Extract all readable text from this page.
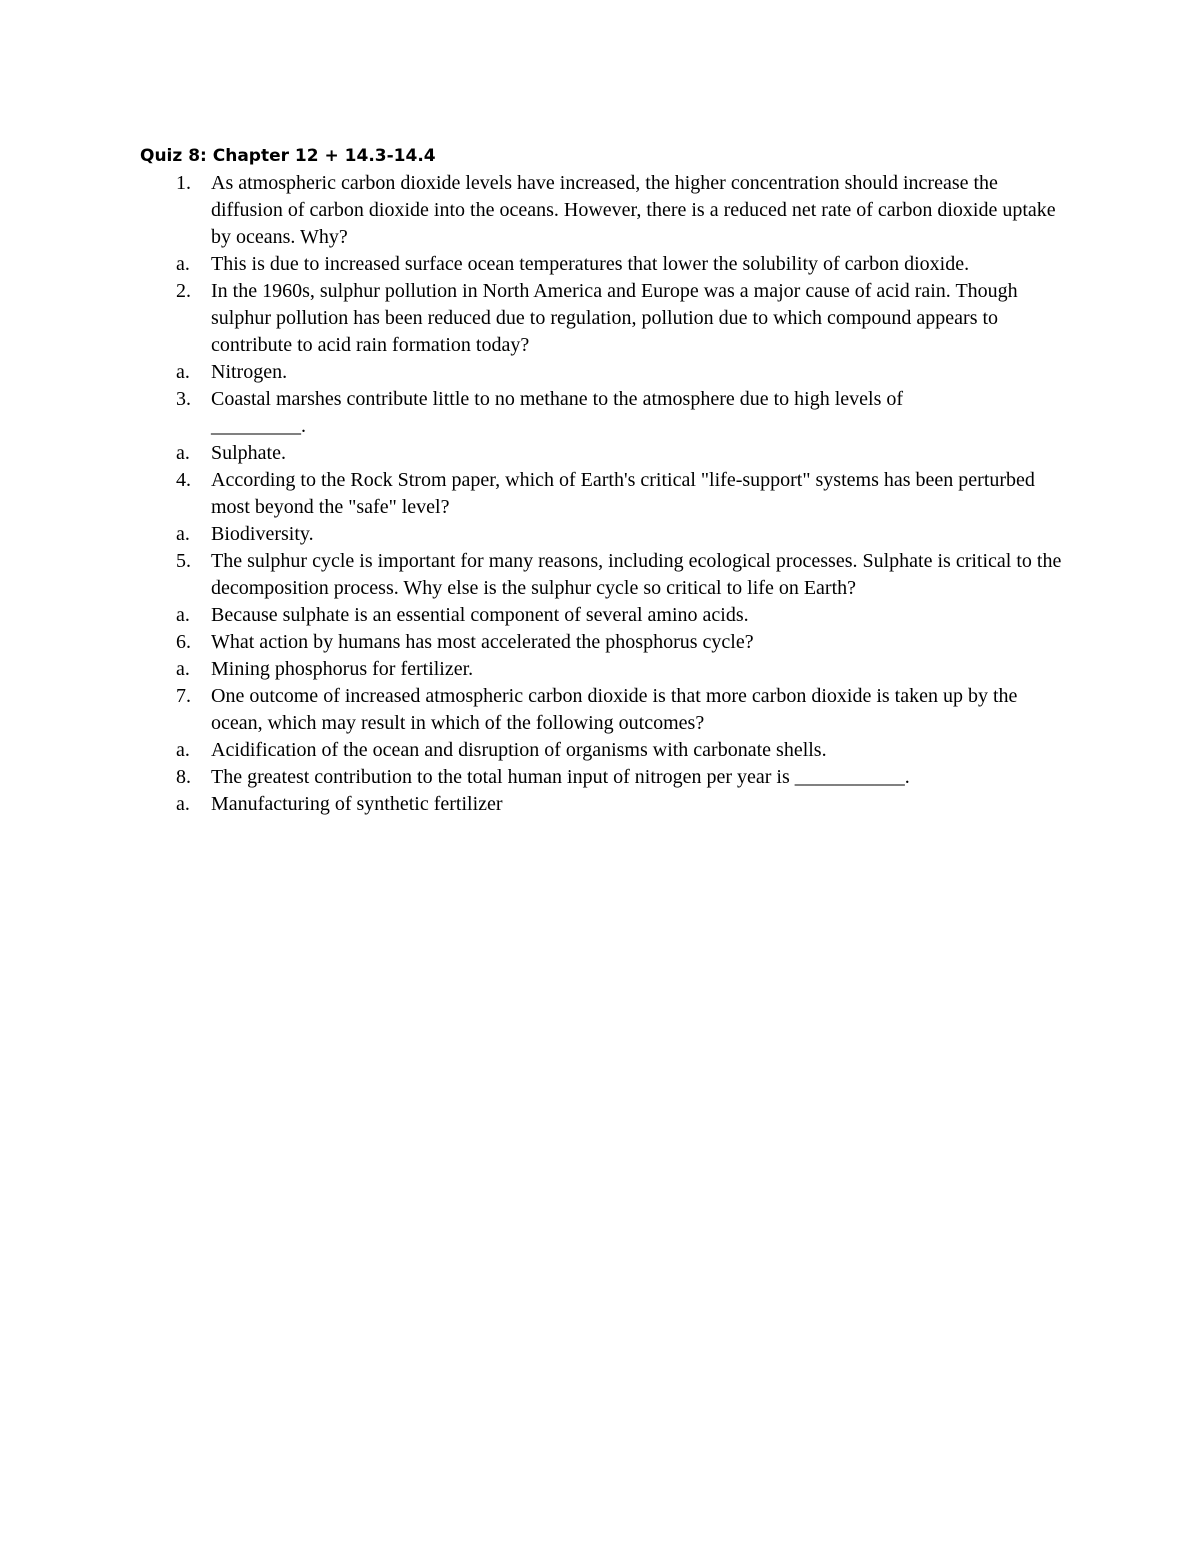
Quiz 8: Chapter 12 + 14.3-14.4
1. As atmospheric carbon dioxide levels have increased, the higher concentration should increase the diffusion of carbon dioxide into the oceans. However, there is a reduced net rate of carbon dioxide uptake by oceans. Why?
a. This is due to increased surface ocean temperatures that lower the solubility of carbon dioxide.
2. In the 1960s, sulphur pollution in North America and Europe was a major cause of acid rain. Though sulphur pollution has been reduced due to regulation, pollution due to which compound appears to contribute to acid rain formation today?
a. Nitrogen.
3. Coastal marshes contribute little to no methane to the atmosphere due to high levels of
_________.
a. Sulphate.
4. According to the Rock Strom paper, which of Earth's critical "life-support" systems has been perturbed most beyond the "safe" level?
a. Biodiversity.
5. The sulphur cycle is important for many reasons, including ecological processes. Sulphate is critical to the decomposition process. Why else is the sulphur cycle so critical to life on Earth?
a. Because sulphate is an essential component of several amino acids.
6. What action by humans has most accelerated the phosphorus cycle?
a. Mining phosphorus for fertilizer.
7. One outcome of increased atmospheric carbon dioxide is that more carbon dioxide is taken up by the ocean, which may result in which of the following outcomes?
a. Acidification of the ocean and disruption of organisms with carbonate shells.
8. The greatest contribution to the total human input of nitrogen per year is ___________.
a. Manufacturing of synthetic fertilizer
